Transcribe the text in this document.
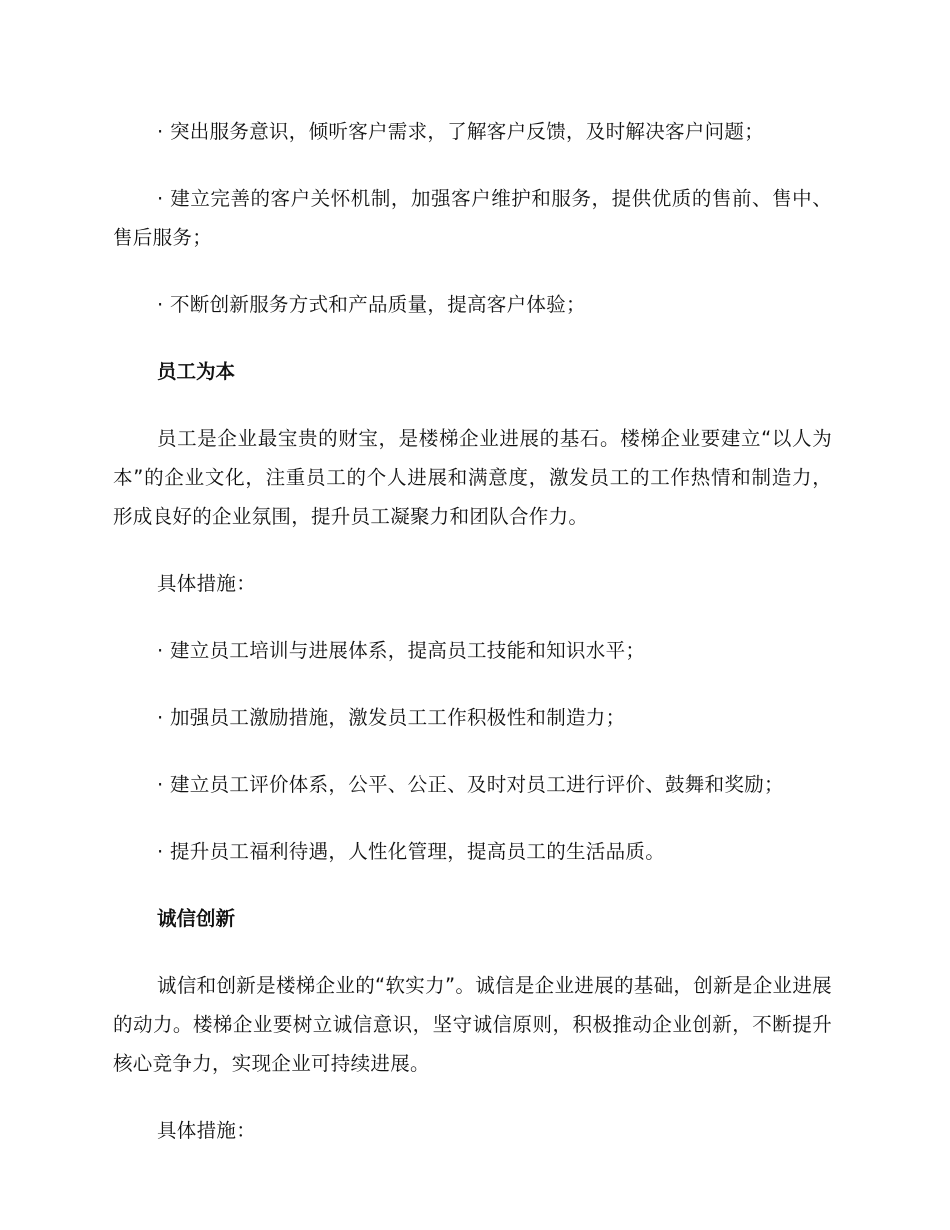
· 突出服务意识，倾听客户需求，了解客户反馈，及时解决客户问题；

· 建立完善的客户关怀机制，加强客户维护和服务，提供优质的售前、售中、售后服务；

· 不断创新服务方式和产品质量，提高客户体验；

员工为本

员工是企业最宝贵的财宝，是楼梯企业进展的基石。楼梯企业要建立“以人为本”的企业文化，注重员工的个人进展和满意度，激发员工的工作热情和制造力，形成良好的企业氛围，提升员工凝聚力和团队合作力。

具体措施：

· 建立员工培训与进展体系，提高员工技能和知识水平；

· 加强员工激励措施，激发员工工作积极性和制造力；

· 建立员工评价体系，公平、公正、及时对员工进行评价、鼓舞和奖励；

· 提升员工福利待遇，人性化管理，提高员工的生活品质。

诚信创新

诚信和创新是楼梯企业的“软实力”。诚信是企业进展的基础，创新是企业进展的动力。楼梯企业要树立诚信意识，坚守诚信原则，积极推动企业创新，不断提升核心竞争力，实现企业可持续进展。

具体措施：
